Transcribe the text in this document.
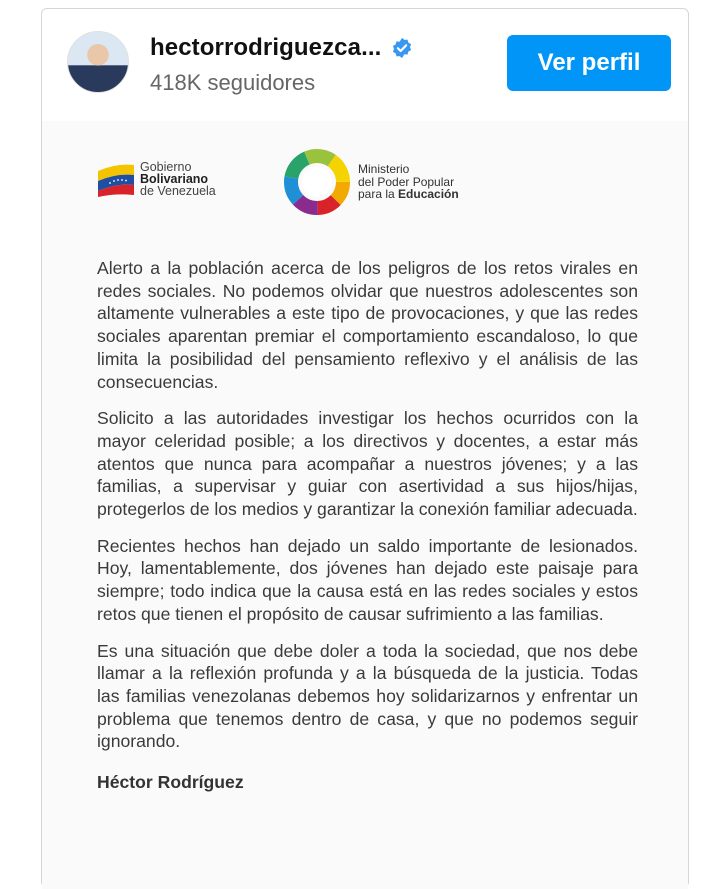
hectorrodriguezca...
418K seguidores
Ver perfil
Gobierno
Bolivariano
de Venezuela
Ministerio
del Poder Popular
para la Educación

Alerto a la población acerca de los peligros de los retos virales en redes sociales. No podemos olvidar que nuestros adolescentes son altamente vulnerables a este tipo de provocaciones, y que las redes sociales aparentan premiar el comportamiento escandaloso, lo que limita la posibilidad del pensamiento reflexivo y el análisis de las consecuencias.

Solicito a las autoridades investigar los hechos ocurridos con la mayor celeridad posible; a los directivos y docentes, a estar más atentos que nunca para acompañar a nuestros jóvenes; y a las familias, a supervisar y guiar con asertividad a sus hijos/hijas, protegerlos de los medios y garantizar la conexión familiar adecuada.

Recientes hechos han dejado un saldo importante de lesionados. Hoy, lamentablemente, dos jóvenes han dejado este paisaje para siempre; todo indica que la causa está en las redes sociales y estos retos que tienen el propósito de causar sufrimiento a las familias.

Es una situación que debe doler a toda la sociedad, que nos debe llamar a la reflexión profunda y a la búsqueda de la justicia. Todas las familias venezolanas debemos hoy solidarizarnos y enfrentar un problema que tenemos dentro de casa, y que no podemos seguir ignorando.

Héctor Rodríguez
